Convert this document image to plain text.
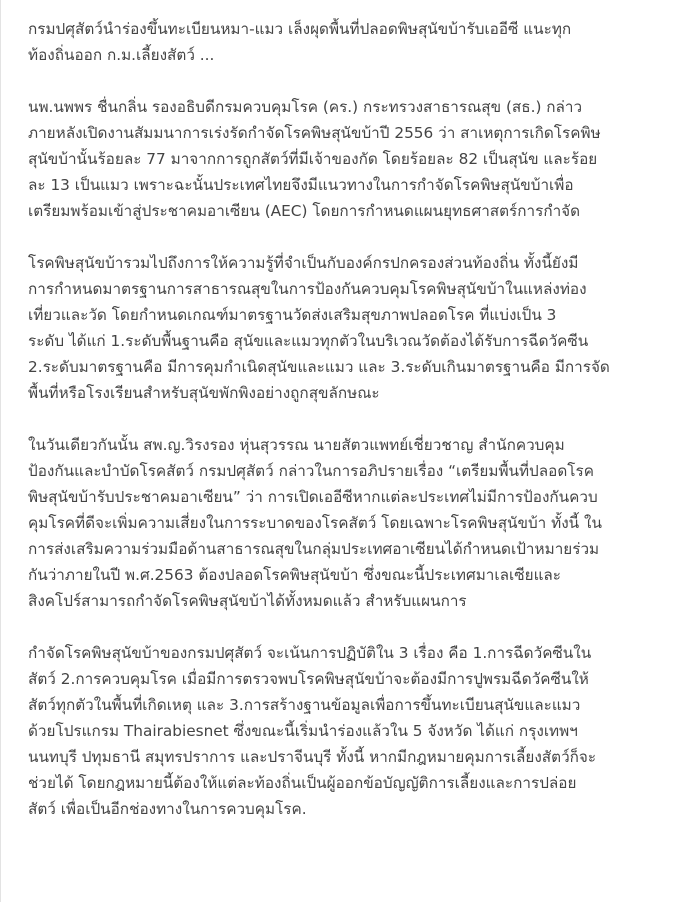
กรมปศุสัตว์นำร่องขึ้นทะเบียนหมา-แมว เล็งผุดพื้นที่ปลอดพิษสุนัขบ้ารับเออีซี แนะทุก
ท้องถิ่นออก ก.ม.เลี้ยงสัตว์ ...

นพ.นพพร ชื่นกลิ่น รองอธิบดีกรมควบคุมโรค (คร.) กระทรวงสาธารณสุข (สธ.) กล่าว
ภายหลังเปิดงานสัมมนาการเร่งรัดกำจัดโรคพิษสุนัขบ้าปี 2556 ว่า สาเหตุการเกิดโรคพิษ
สุนัขบ้านั้นร้อยละ 77 มาจากการถูกสัตว์ที่มีเจ้าของกัด โดยร้อยละ 82 เป็นสุนัข และร้อย
ละ 13 เป็นแมว เพราะฉะนั้นประเทศไทยจึงมีแนวทางในการกำจัดโรคพิษสุนัขบ้าเพื่อ
เตรียมพร้อมเข้าสู่ประชาคมอาเซียน (AEC) โดยการกำหนดแผนยุทธศาสตร์การกำจัด

โรคพิษสุนัขบ้ารวมไปถึงการให้ความรู้ที่จำเป็นกับองค์กรปกครองส่วนท้องถิ่น ทั้งนี้ยังมี
การกำหนดมาตรฐานการสาธารณสุขในการป้องกันควบคุมโรคพิษสุนัขบ้าในแหล่งท่อง
เที่ยวและวัด โดยกำหนดเกณฑ์มาตรฐานวัดส่งเสริมสุขภาพปลอดโรค ที่แบ่งเป็น 3
ระดับ ได้แก่ 1.ระดับพื้นฐานคือ สุนัขและแมวทุกตัวในบริเวณวัดต้องได้รับการฉีดวัคซีน
2.ระดับมาตรฐานคือ มีการคุมกำเนิดสุนัขและแมว และ 3.ระดับเกินมาตรฐานคือ มีการจัด
พื้นที่หรือโรงเรียนสำหรับสุนัขพักพิงอย่างถูกสุขลักษณะ

ในวันเดียวกันนั้น สพ.ญ.วิรงรอง หุ่นสุวรรณ นายสัตวแพทย์เชี่ยวชาญ สำนักควบคุม
ป้องกันและบำบัดโรคสัตว์ กรมปศุสัตว์ กล่าวในการอภิปรายเรื่อง “เตรียมพื้นที่ปลอดโรค
พิษสุนัขบ้ารับประชาคมอาเซียน” ว่า การเปิดเออีซีหากแต่ละประเทศไม่มีการป้องกันควบ
คุมโรคที่ดีจะเพิ่มความเสี่ยงในการระบาดของโรคสัตว์ โดยเฉพาะโรคพิษสุนัขบ้า ทั้งนี้ ใน
การส่งเสริมความร่วมมือด้านสาธารณสุขในกลุ่มประเทศอาเซียนได้กำหนดเป้าหมายร่วม
กันว่าภายในปี พ.ศ.2563 ต้องปลอดโรคพิษสุนัขบ้า ซึ่งขณะนี้ประเทศมาเลเซียและ
สิงคโปร์สามารถกำจัดโรคพิษสุนัขบ้าได้ทั้งหมดแล้ว สำหรับแผนการ

กำจัดโรคพิษสุนัขบ้าของกรมปศุสัตว์ จะเน้นการปฏิบัติใน 3 เรื่อง คือ 1.การฉีดวัคซีนใน
สัตว์ 2.การควบคุมโรค เมื่อมีการตรวจพบโรคพิษสุนัขบ้าจะต้องมีการปูพรมฉีดวัคซีนให้
สัตว์ทุกตัวในพื้นที่เกิดเหตุ และ 3.การสร้างฐานข้อมูลเพื่อการขึ้นทะเบียนสุนัขและแมว
ด้วยโปรแกรม Thairabiesnet ซึ่งขณะนี้เริ่มนำร่องแล้วใน 5 จังหวัด ได้แก่ กรุงเทพฯ
นนทบุรี ปทุมธานี สมุทรปราการ และปราจีนบุรี ทั้งนี้ หากมีกฎหมายคุมการเลี้ยงสัตว์ก็จะ
ช่วยได้ โดยกฎหมายนี้ต้องให้แต่ละท้องถิ่นเป็นผู้ออกข้อบัญญัติการเลี้ยงและการปล่อย
สัตว์ เพื่อเป็นอีกช่องทางในการควบคุมโรค.
